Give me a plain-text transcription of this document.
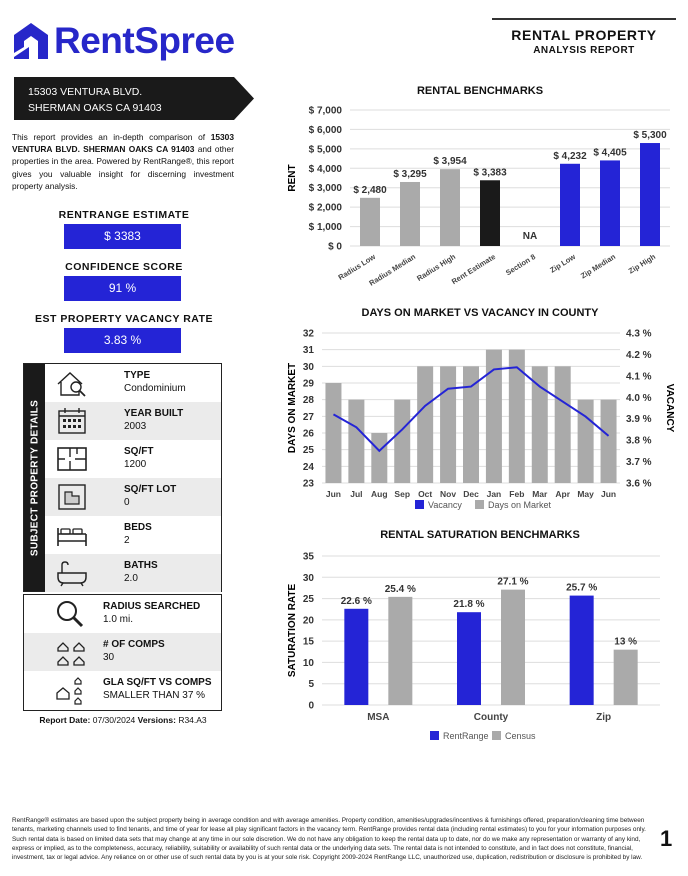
RentSpree	RENTAL PROPERTY
ANALYSIS REPORT
15303 VENTURA BLVD.
SHERMAN OAKS CA 91403
This report provides an in-depth comparison of 15303 VENTURA BLVD. SHERMAN OAKS CA 91403 and other properties in the area. Powered by RentRange®, this report gives you valuable insight for discerning investment property analysis.
RENTRANGE ESTIMATE
$ 3383
CONFIDENCE SCORE
91 %
EST PROPERTY VACANCY RATE
3.83 %
SUBJECT PROPERTY DETAILS
TYPE
Condominium
YEAR BUILT
2003
SQ/FT
1200
SQ/FT LOT
0
BEDS
2
BATHS
2.0
RADIUS SEARCHED
1.0 mi.
# OF COMPS
30
GLA SQ/FT VS COMPS
SMALLER THAN 37 %
Report Date: 07/30/2024 Versions: R34.A3
RENTAL BENCHMARKS
$ 0
$ 1,000
$ 2,000
$ 3,000
$ 4,000
$ 5,000
$ 6,000
$ 7,000
RENT	$ 2,480
Radius Low
$ 3,295
Radius Median
$ 3,954
Radius High
$ 3,383
Rent Estimate
NA
Section 8
$ 4,232
Zip Low
$ 4,405
Zip Median
$ 5,300
Zip High
DAYS ON MARKET VS VACANCY IN COUNTY
23
24
25
26
27
28
29
30
31
32
3.6 %
3.7 %
3.8 %
3.9 %
4.0 %
4.1 %
4.2 %
4.3 %
DAYS ON MARKET	VACANCY
Jun Jul Aug Sep Oct Nov Dec Jan Feb Mar Apr May Jun
Vacancy	Days on Market
RENTAL SATURATION BENCHMARKS
0
5
10
15
20
25
30
35
SATURATION RATE	22.6 %
25.4 %
MSA
21.8 %
27.1 %
County
25.7 %
13 %
Zip
RentRange Census
RentRange® estimates are based upon the subject property being in average condition and with average amenities. Property condition, amenities/upgrades/incentives & furnishings offered, preparation/cleaning time between tenants, marketing channels used to find tenants, and time of year for lease all play significant factors in the vacancy term. RentRange provides rental data (including rental estimates) to you for your information purposes only. Such rental data is based on limited data sets that may change at any time in our sole discretion. We do not have any obligation to keep the rental data up to date, nor do we make any representation or warranty of any kind, express or implied, as to the completeness, accuracy, reliability, suitability or availability of such rental data or the underlying data sets. The rental data is not intended to constitute, and in fact does not constitute, financial, investment, tax or legal advice. Any reliance on or other use of such rental data by you is at your sole risk. Copyright 2009-2024 RentRange LLC, unauthorized use, duplication, redistribution or disclosure is prohibited by law.
1
